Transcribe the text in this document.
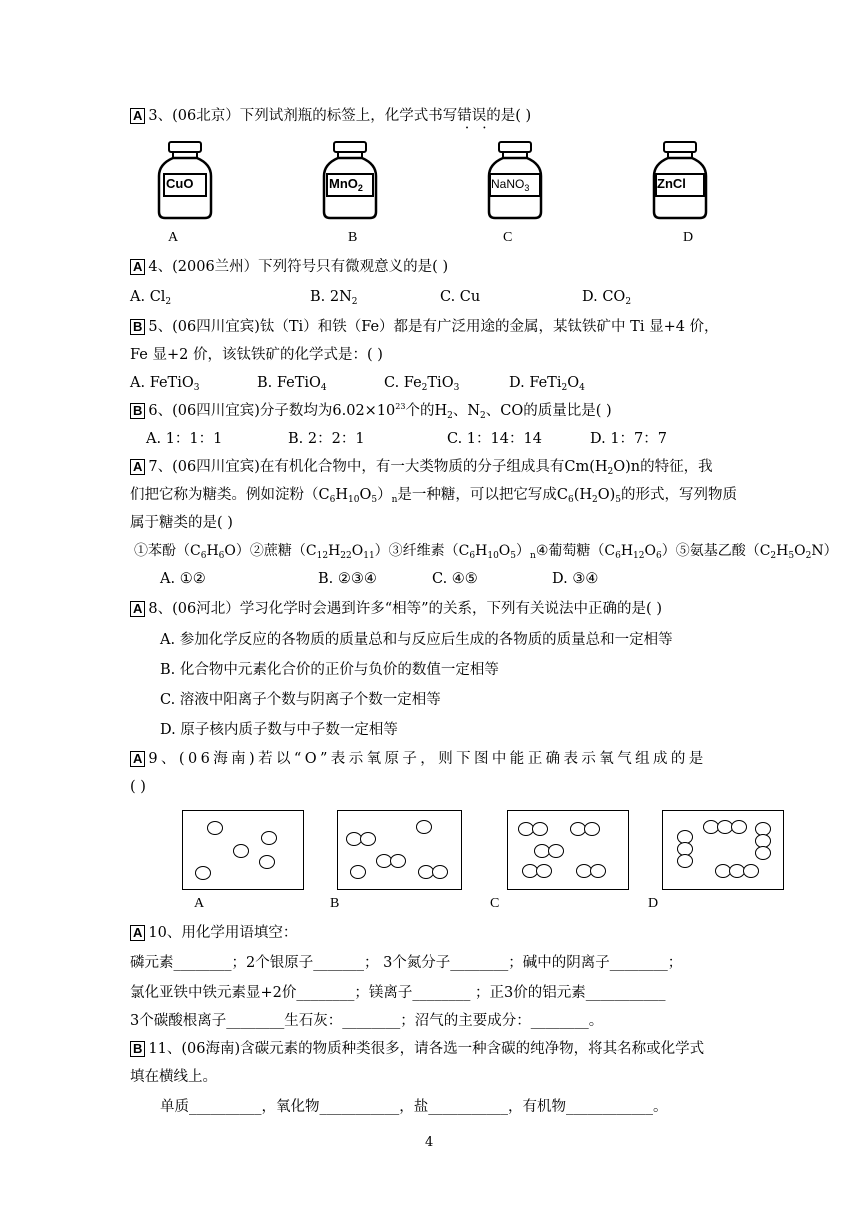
A 3、(06北京）下列试剂瓶的标签上，化学式书写错误 • •的是( )
CuO	MnO$_2$	NaNO$_3$	ZnCl
A	B	C	D
A 4、(2006兰州）下列符号只有微观意义的是( )
A. $Cl_2$	B. $2N_2$	C. Cu	D. $CO_2$
B 5、(06四川宜宾)钛（Ti）和铁（Fe）都是有广泛用途的金属，某钛铁矿中 Ti 显+4 价，
Fe 显+2 价，该钛铁矿的化学式是：( )
A. FeTiO$_3$	B. FeTiO$_4$	C. $Fe_2TiO_3$	D. $FeTi_2O_4$
B 6、(06四川宜宾)分子数均为$6.02\times 10^{23}$个的$H_2$、$N_2$、CO的质量比是( )
A. 1：1：1	B. 2：2：1	C. 1：14：14	D. 1：7：7
A 7、(06四川宜宾)在有机化合物中，有一大类物质的分子组成具有$Cm(H_2O)n$的特征，我
们把它称为糖类。例如淀粉$(C_6H_{10}O_5)_n$是一种糖，可以把它写成$C_6(H_2O)_5$的形式，写列物质
属于糖类的是( )
①苯酚$(C_6H_6O)②$蔗糖$(C_{12}H_{22}O_{11})③$纤维素$(C_6H_{10}O_5)_n④$葡萄糖$(C_6H_{12}O_6)⑤$氨基乙酸$(C_2H_5O_2N)$
A. ①②	B. ②③④	C. ④⑤	D. ③④
A 8、(06河北）学习化学时会遇到许多“相等”的关系，下列有关说法中正确的是( )
A. 参加化学反应的各物质的质量总和与反应后生成的各物质的质量总和一定相等
B. 化合物中元素化合价的正价与负价的数值一定相等
C. 溶液中阳离子个数与阴离子个数一定相等
D. 原子核内质子数与中子数一定相等
A 9、(06海南)若以“O”表示氧原子，则下图中能正确表示氧气组成的是
( )
A	B	C	D
A 10、用化学用语填空：
磷元素________；2个银原子_______； 3个氮分子________；碱中的阴离子________；
氯化亚铁中铁元素显+2价________；镁离子________ ；正3价的铝元素___________
3个碳酸根离子________生石灰：________；沼气的主要成分：________。
B 11、(06海南)含碳元素的物质种类很多，请各选一种含碳的纯净物，将其名称或化学式
填在横线上。
单质__________，氧化物___________，盐___________，有机物____________。
4
